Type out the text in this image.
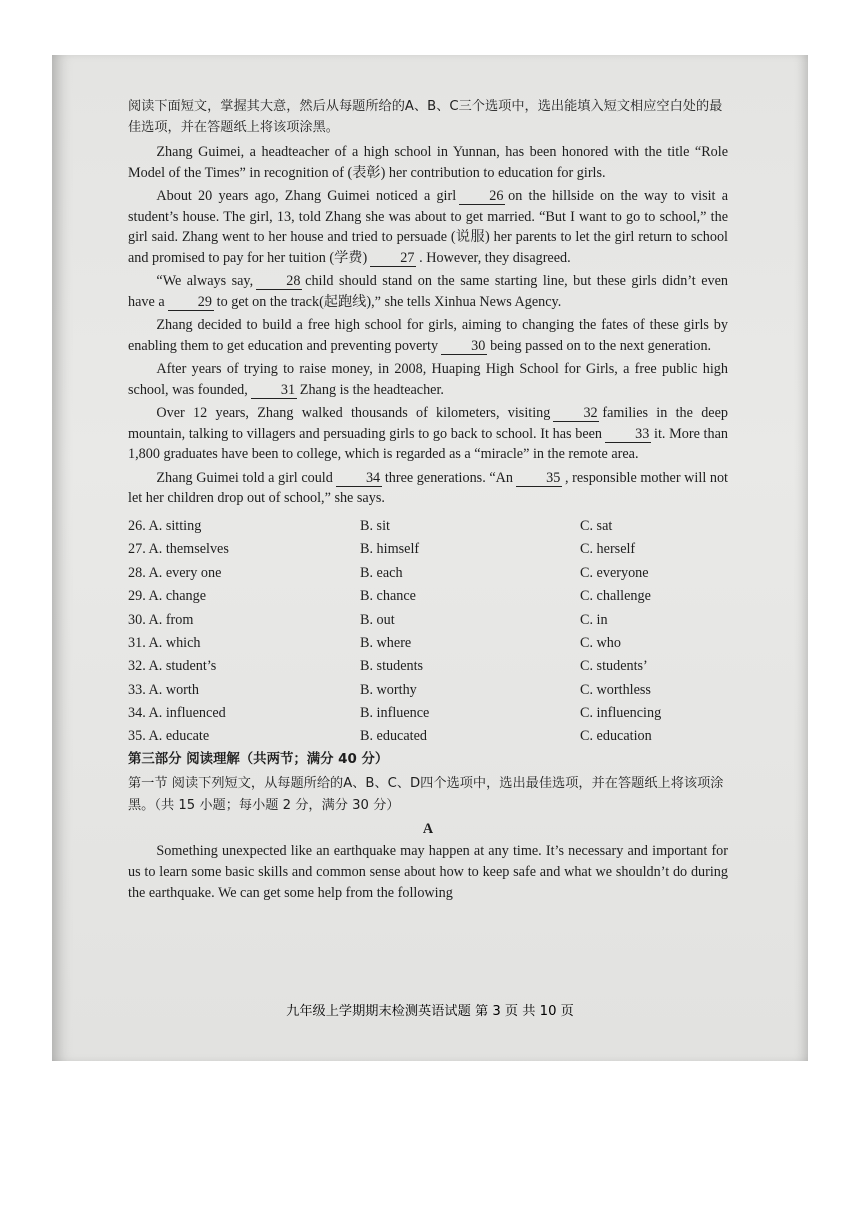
阅读下面短文，掌握其大意，然后从每题所给的A、B、C三个选项中，选出能填入短文相应空白处的最佳选项，并在答题纸上将该项涂黑。

Zhang Guimei, a headteacher of a high school in Yunnan, has been honored with the title “Role Model of the Times” in recognition of (表彰) her contribution to education for girls.

About 20 years ago, Zhang Guimei noticed a girl 26 on the hillside on the way to visit a student’s house. The girl, 13, told Zhang she was about to get married. “But I want to go to school,” the girl said. Zhang went to her house and tried to persuade (说服) her parents to let the girl return to school and promised to pay for her tuition (学费) 27 . However, they disagreed.

“We always say, 28 child should stand on the same starting line, but these girls didn’t even have a 29 to get on the track(起跑线),” she tells Xinhua News Agency.

Zhang decided to build a free high school for girls, aiming to changing the fates of these girls by enabling them to get education and preventing poverty 30 being passed on to the next generation.

After years of trying to raise money, in 2008, Huaping High School for Girls, a free public high school, was founded, 31 Zhang is the headteacher.

Over 12 years, Zhang walked thousands of kilometers, visiting 32 families in the deep mountain, talking to villagers and persuading girls to go back to school. It has been 33 it. More than 1,800 graduates have been to college, which is regarded as a “miracle” in the remote area.

Zhang Guimei told a girl could 34 three generations. “An 35 , responsible mother will not let her children drop out of school,” she says.

26. A. sitting	B. sit	C. sat
27. A. themselves	B. himself	C. herself
28. A. every one	B. each	C. everyone
29. A. change	B. chance	C. challenge
30. A. from	B. out	C. in
31. A. which	B. where	C. who
32. A. student’s	B. students	C. students’
33. A. worth	B. worthy	C. worthless
34. A. influenced	B. influence	C. influencing
35. A. educate	B. educated	C. education

第三部分 阅读理解（共两节；满分 40 分）

第一节 阅读下列短文，从每题所给的A、B、C、D四个选项中，选出最佳选项，并在答题纸上将该项涂黑。（共 15 小题；每小题 2 分，满分 30 分）

A

Something unexpected like an earthquake may happen at any time. It’s necessary and important for us to learn some basic skills and common sense about how to keep safe and what we shouldn’t do during the earthquake. We can get some help from the following

九年级上学期期末检测英语试题 第 3 页 共 10 页
